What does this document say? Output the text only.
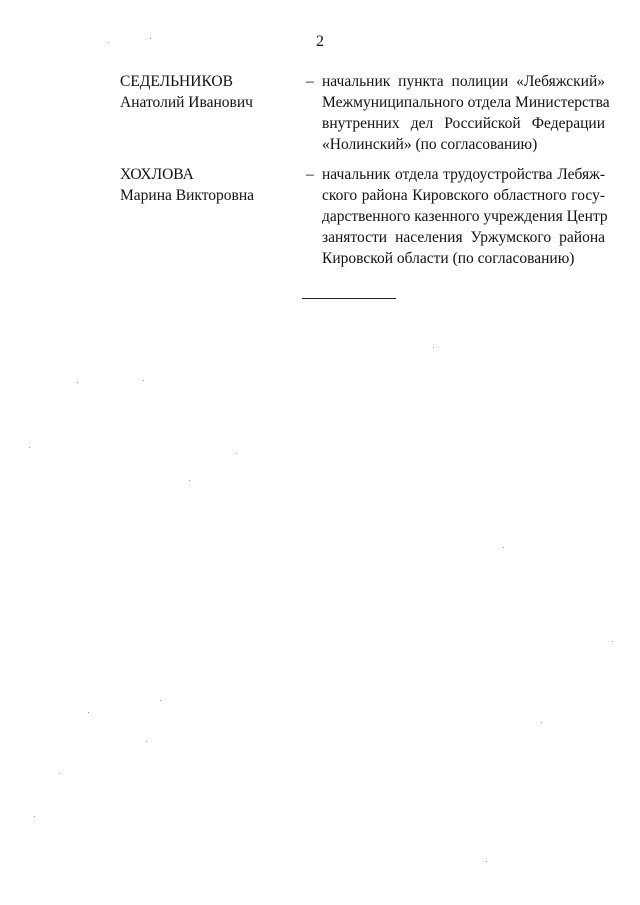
2
СЕДЕЛЬНИКОВ
Анатолий Иванович
– начальник пункта полиции «Лебяжский»
Межмуниципального отдела Министерства
внутренних дел Российской Федерации
«Нолинский» (по согласованию)
ХОХЛОВА
Марина Викторовна
– начальник отдела трудоустройства Лебяж-
ского района Кировского областного госу-
дарственного казенного учреждения Центр
занятости населения Уржумского района
Кировской области (по согласованию)
